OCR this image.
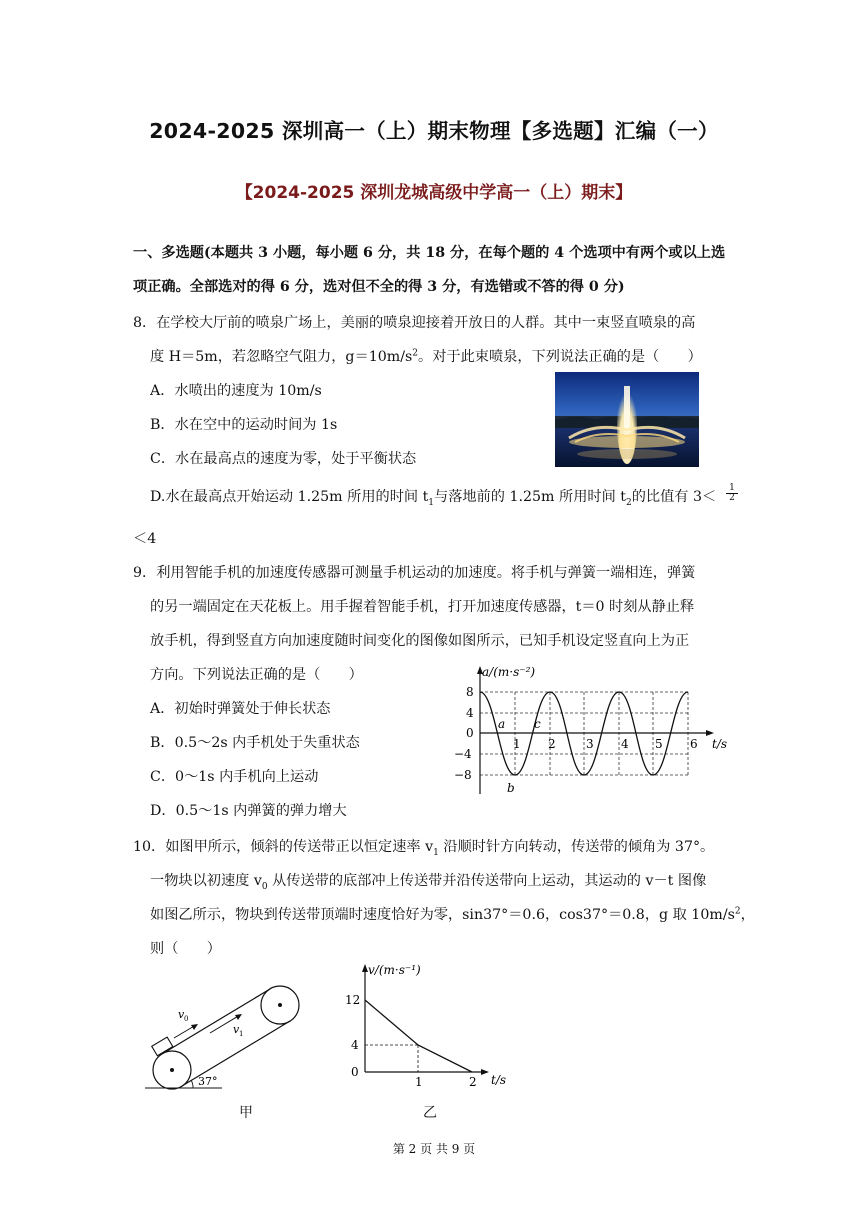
2024-2025 深圳高一（上）期末物理【多选题】汇编（一）
【2024-2025 深圳龙城高级中学高一（上）期末】
一、多选题(本题共 3 小题，每小题 6 分，共 18 分，在每个题的 4 个选项中有两个或以上选
项正确。全部选对的得 6 分，选对但不全的得 3 分，有选错或不答的得 0 分)
8．在学校大厅前的喷泉广场上，美丽的喷泉迎接着开放日的人群。其中一束竖直喷泉的高
度 H＝5m，若忽略空气阻力，$g=10m/s^2$。对于此束喷泉，下列说法正确的是（　　）
A．水喷出的速度为 10m/s
B．水在空中的运动时间为 1s
C．水在最高点的速度为零，处于平衡状态
D.水在最高点开始运动 1.25m 所用的时间 $t_1$与落地前的 1.25m 所用时间 $t_2$的比值有 $3< \frac{1}{2}$
＜4
9．利用智能手机的加速度传感器可测量手机运动的加速度。将手机与弹簧一端相连，弹簧
的另一端固定在天花板上。用手握着智能手机，打开加速度传感器，t＝0 时刻从静止释
放手机，得到竖直方向加速度随时间变化的图像如图所示，已知手机设定竖直向上为正
方向。下列说法正确的是（　　）
A．初始时弹簧处于伸长状态
B．0.5～2s 内手机处于失重状态
C．0～1s 内手机向上运动
D．0.5～1s 内弹簧的弹力增大
a/(m·s⁻²)
t/s
8
4
0
−4
−8
1 2	3 4 5 6
a
b
c
10．如图甲所示，倾斜的传送带正以恒定速率 $v_1$ 沿顺时针方向转动，传送带的倾角为 37°。
一物块以初速度 $v_0$ 从传送带的底部冲上传送带并沿传送带向上运动，其运动的 v－t 图像
如图乙所示，物块到传送带顶端时速度恰好为零，sin37°＝0.6，cos37°＝0.8，g 取 $10m/s^2$，
则（　　）
v 0
v 1
37°
甲
v/(m·s⁻¹)
t/s
12
4
0
1	2
乙
第 2 页 共 9 页
